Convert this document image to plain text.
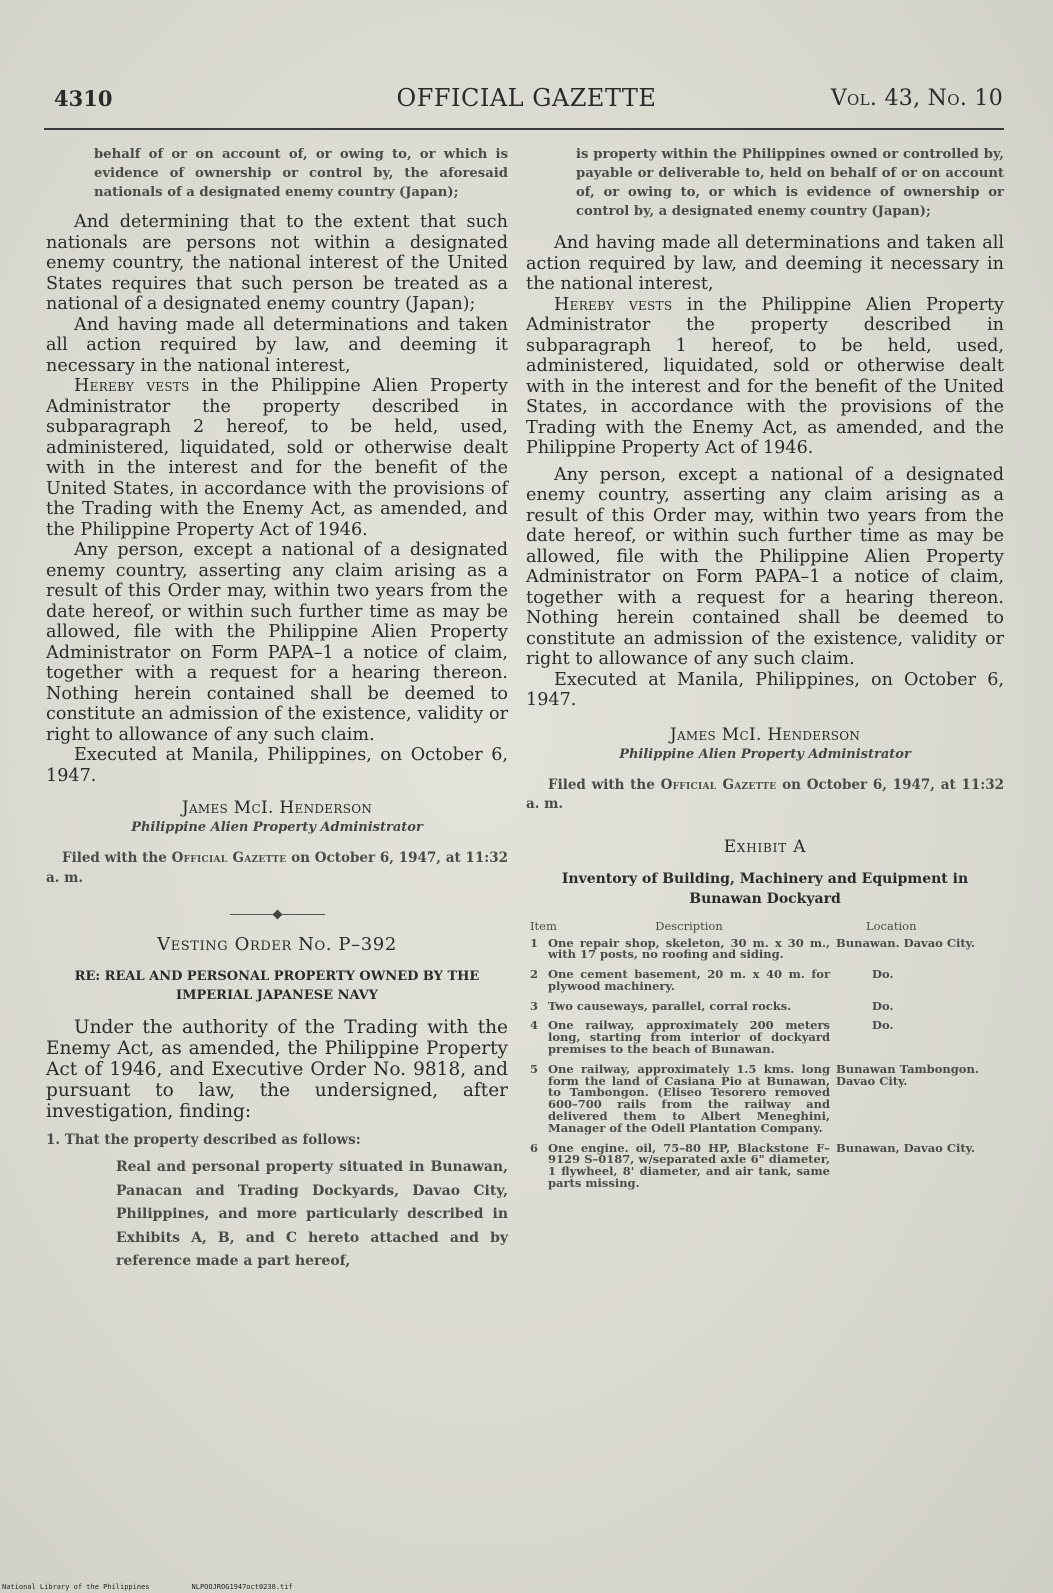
4310	OFFICIAL GAZETTE	Vol. 43, No. 10

behalf of or on account of, or owing to, or which is evidence of ownership or control by, the aforesaid nationals of a designated enemy country (Japan);

And determining that to the extent that such nationals are persons not within a designated enemy country, the national interest of the United States requires that such person be treated as a national of a designated enemy country (Japan);

And having made all determinations and taken all action required by law, and deeming it necessary in the national interest,

Hereby vests in the Philippine Alien Property Administrator the property described in subparagraph 2 hereof, to be held, used, administered, liquidated, sold or otherwise dealt with in the interest and for the benefit of the United States, in accordance with the provisions of the Trading with the Enemy Act, as amended, and the Philippine Property Act of 1946.

Any person, except a national of a designated enemy country, asserting any claim arising as a result of this Order may, within two years from the date hereof, or within such further time as may be allowed, file with the Philippine Alien Property Administrator on Form PAPA–1 a notice of claim, together with a request for a hearing thereon. Nothing herein contained shall be deemed to constitute an admission of the existence, validity or right to allowance of any such claim.

Executed at Manila, Philippines, on October 6, 1947.

James McI. Henderson

Philippine Alien Property Administrator

Filed with the Official Gazette on October 6, 1947, at 11:32 a. m.

Vesting Order No. P–392

RE: REAL AND PERSONAL PROPERTY OWNED BY THE IMPERIAL JAPANESE NAVY

Under the authority of the Trading with the Enemy Act, as amended, the Philippine Property Act of 1946, and Executive Order No. 9818, and pursuant to law, the undersigned, after investigation, finding:

1. That the property described as follows:

Real and personal property situated in Bunawan, Panacan and Trading Dockyards, Davao City, Philippines, and more particularly described in Exhibits A, B, and C hereto attached and by reference made a part hereof,

is property within the Philippines owned or controlled by, payable or deliverable to, held on behalf of or on account of, or owing to, or which is evidence of ownership or control by, a designated enemy country (Japan);

And having made all determinations and taken all action required by law, and deeming it necessary in the national interest,

Hereby vests in the Philippine Alien Property Administrator the property described in subparagraph 1 hereof, to be held, used, administered, liquidated, sold or otherwise dealt with in the interest and for the benefit of the United States, in accordance with the provisions of the Trading with the Enemy Act, as amended, and the Philippine Property Act of 1946.

Any person, except a national of a designated enemy country, asserting any claim arising as a result of this Order may, within two years from the date hereof, or within such further time as may be allowed, file with the Philippine Alien Property Administrator on Form PAPA–1 a notice of claim, together with a request for a hearing thereon. Nothing herein contained shall be deemed to constitute an admission of the existence, validity or right to allowance of any such claim.

Executed at Manila, Philippines, on October 6, 1947.

James McI. Henderson

Philippine Alien Property Administrator

Filed with the Official Gazette on October 6, 1947, at 11:32 a. m.

Exhibit A

Inventory of Building, Machinery and Equipment in Bunawan Dockyard

Item	Description	Location
1	One repair shop, skeleton, 30 m. x 30 m., with 17 posts, no roofing and siding.	Bunawan. Davao City.
2	One cement basement, 20 m. x 40 m. for plywood machinery.	Do.
3	Two causeways, parallel, corral rocks.	Do.
4	One railway, approximately 200 meters long, starting from interior of dockyard premises to the beach of Bunawan.	Do.
5	One railway, approximately 1.5 kms. long form the land of Casiana Pio at Bunawan, to Tambongon. (Eliseo Tesorero removed 600–700 rails from the railway and delivered them to Albert Meneghini, Manager of the Odell Plantation Company.	Bunawan Tambongon. Davao City.
6	One engine. oil, 75–80 HP, Blackstone F–9129 S–0187, w/separated axle 6" diameter, 1 flywheel, 8' diameter, and air tank, same parts missing.	Bunawan, Davao City.
National Library of the Philippines	NLPOOJROG1947oct0238.tif
